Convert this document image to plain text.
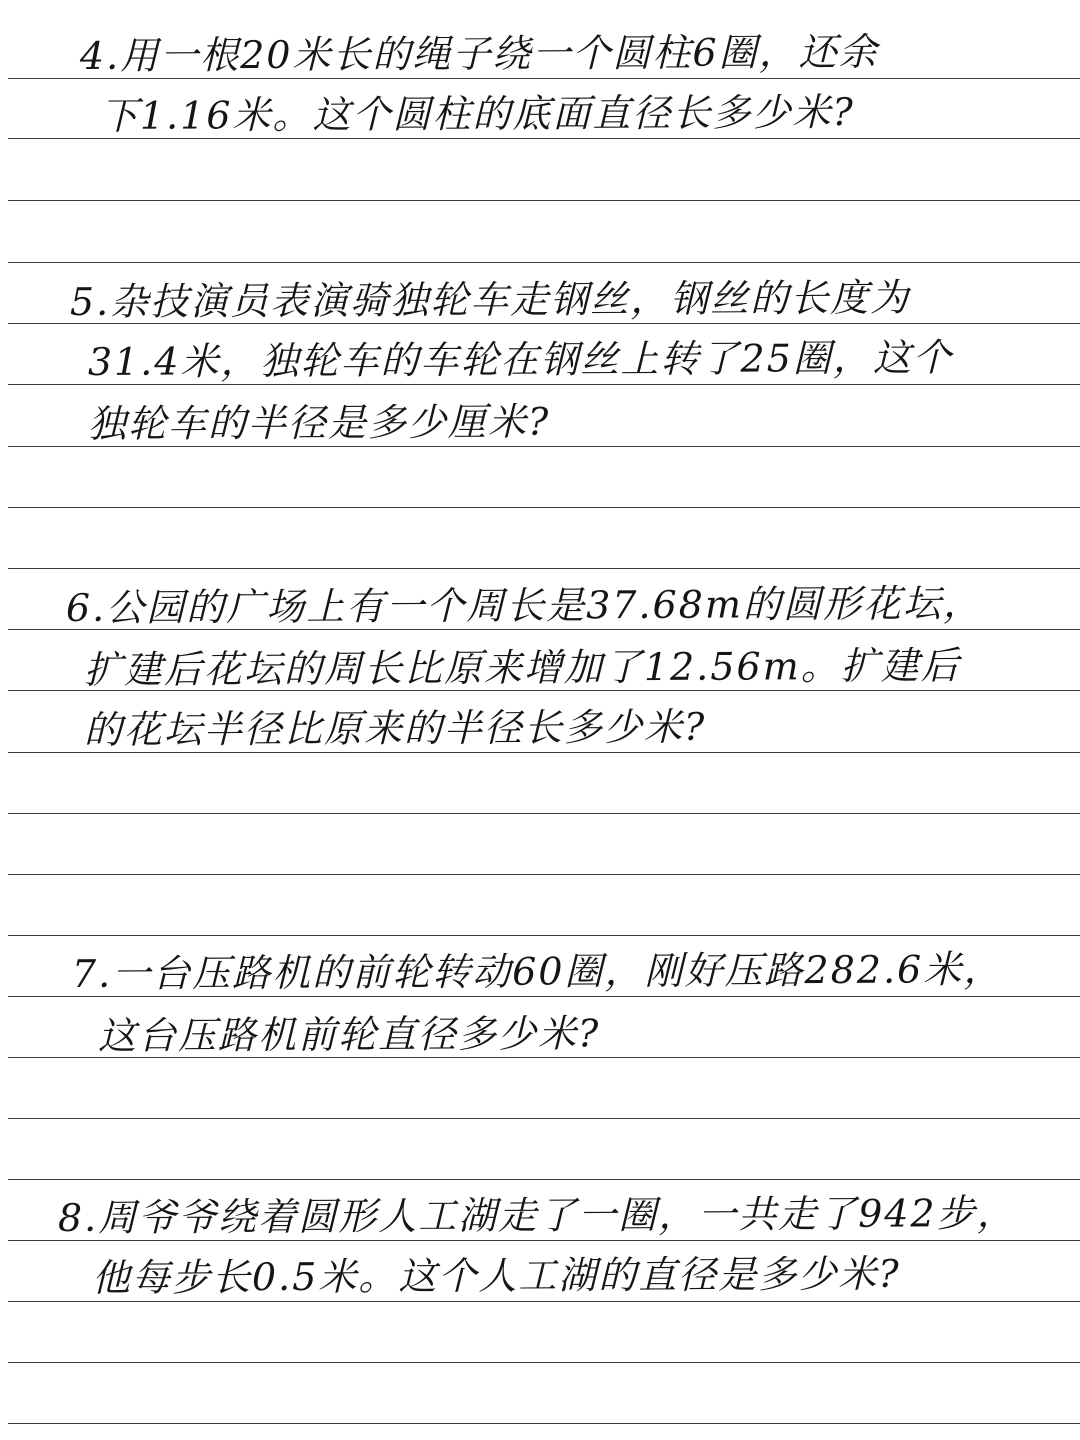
4.用一根20米长的绳子绕一个圆柱6圈，还余
下1.16米。这个圆柱的底面直径长多少米?
5.杂技演员表演骑独轮车走钢丝，钢丝的长度为
31.4米，独轮车的车轮在钢丝上转了25圈，这个
独轮车的半径是多少厘米?
6.公园的广场上有一个周长是37.68m的圆形花坛，
扩建后花坛的周长比原来增加了12.56m。扩建后
的花坛半径比原来的半径长多少米?
7.一台压路机的前轮转动60圈，刚好压路282.6米，
这台压路机前轮直径多少米?
8.周爷爷绕着圆形人工湖走了一圈，一共走了942步，
他每步长0.5米。这个人工湖的直径是多少米?
